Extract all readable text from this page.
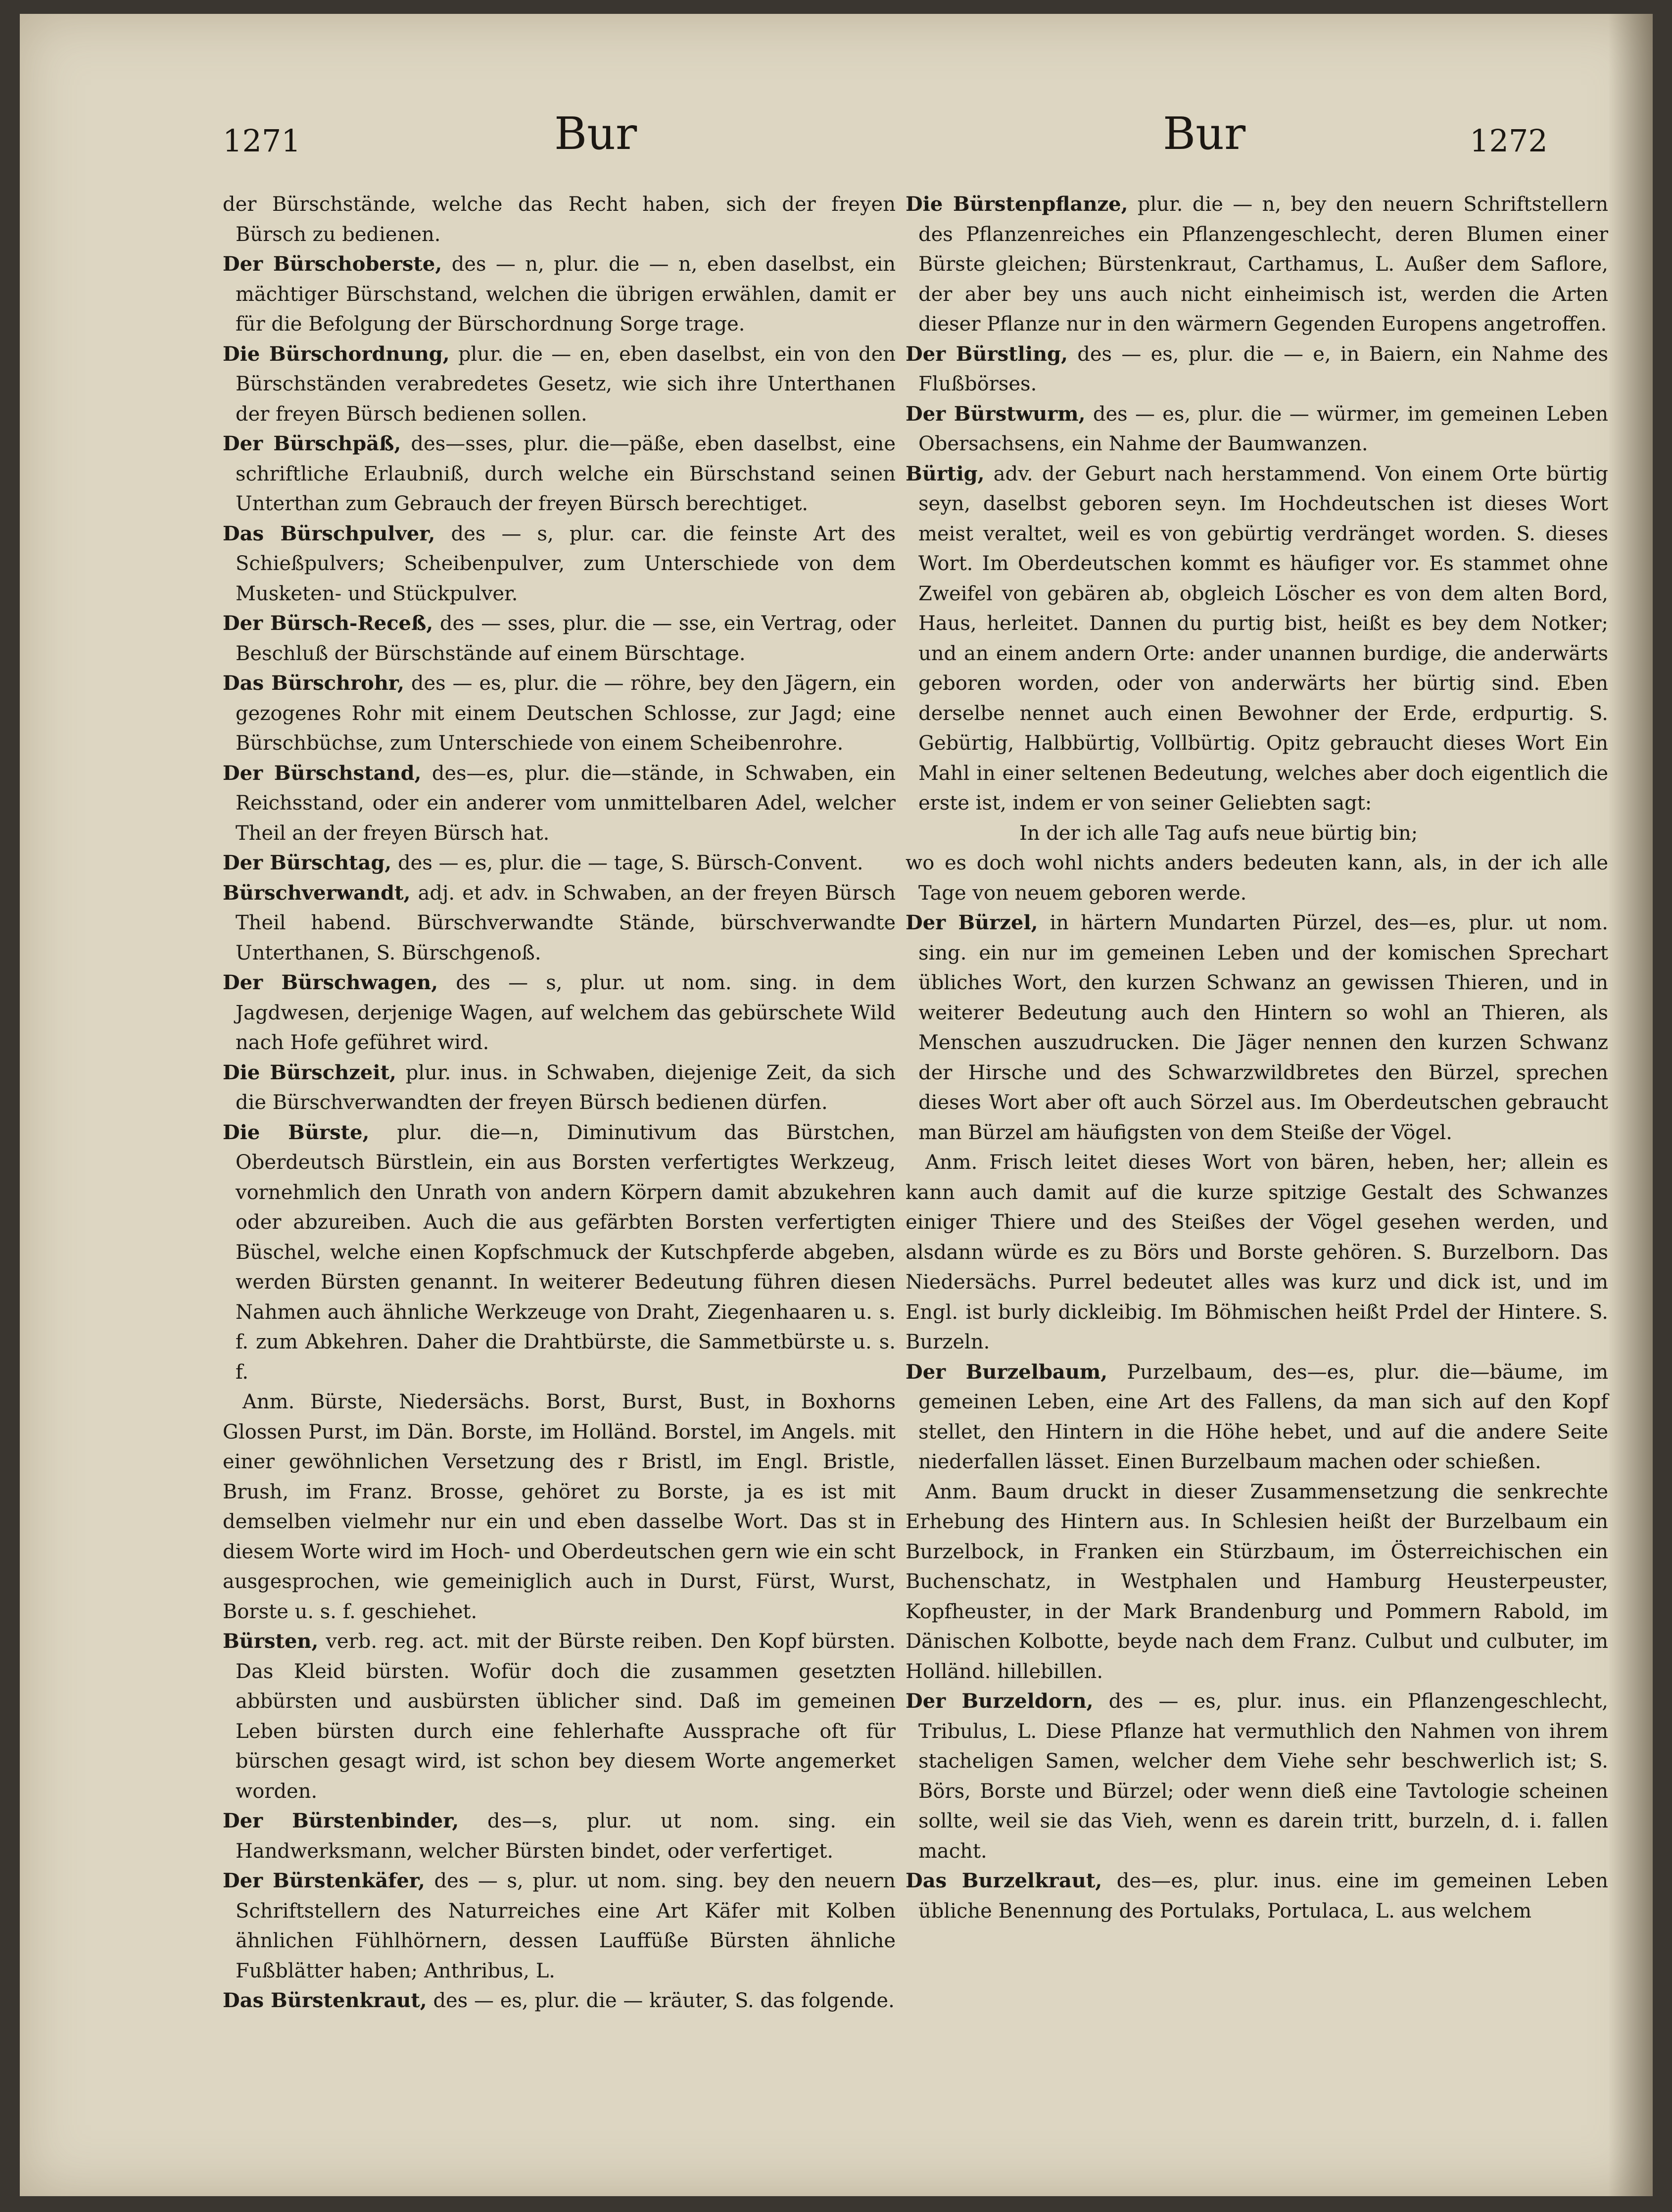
1271	Bur	Bur	1272

der Bürschstände, welche das Recht haben, sich der freyen Bürsch zu bedienen.

Der Bürschoberste, des — n, plur. die — n, eben daselbst, ein mächtiger Bürschstand, welchen die übrigen erwählen, damit er für die Befolgung der Bürschordnung Sorge trage.

Die Bürschordnung, plur. die — en, eben daselbst, ein von den Bürschständen verabredetes Gesetz, wie sich ihre Unterthanen der freyen Bürsch bedienen sollen.

Der Bürschpäß, des—sses, plur. die—päße, eben daselbst, eine schriftliche Erlaubniß, durch welche ein Bürschstand seinen Unterthan zum Gebrauch der freyen Bürsch berechtiget.

Das Bürschpulver, des — s, plur. car. die feinste Art des Schießpulvers; Scheibenpulver, zum Unterschiede von dem Musketen- und Stückpulver.

Der Bürsch-Receß, des — sses, plur. die — sse, ein Vertrag, oder Beschluß der Bürschstände auf einem Bürschtage.

Das Bürschrohr, des — es, plur. die — röhre, bey den Jägern, ein gezogenes Rohr mit einem Deutschen Schlosse, zur Jagd; eine Bürschbüchse, zum Unterschiede von einem Scheibenrohre.

Der Bürschstand, des—es, plur. die—stände, in Schwaben, ein Reichsstand, oder ein anderer vom unmittelbaren Adel, welcher Theil an der freyen Bürsch hat.

Der Bürschtag, des — es, plur. die — tage, S. Bürsch-Convent.

Bürschverwandt, adj. et adv. in Schwaben, an der freyen Bürsch Theil habend. Bürschverwandte Stände, bürschverwandte Unterthanen, S. Bürschgenoß.

Der Bürschwagen, des — s, plur. ut nom. sing. in dem Jagdwesen, derjenige Wagen, auf welchem das gebürschete Wild nach Hofe geführet wird.

Die Bürschzeit, plur. inus. in Schwaben, diejenige Zeit, da sich die Bürschverwandten der freyen Bürsch bedienen dürfen.

Die Bürste, plur. die—n, Diminutivum das Bürstchen, Oberdeutsch Bürstlein, ein aus Borsten verfertigtes Werkzeug, vornehmlich den Unrath von andern Körpern damit abzukehren oder abzureiben. Auch die aus gefärbten Borsten verfertigten Büschel, welche einen Kopfschmuck der Kutschpferde abgeben, werden Bürsten genannt. In weiterer Bedeutung führen diesen Nahmen auch ähnliche Werkzeuge von Draht, Ziegenhaaren u. s. f. zum Abkehren. Daher die Drahtbürste, die Sammetbürste u. s. f.

Anm. Bürste, Niedersächs. Borst, Burst, Bust, in Boxhorns Glossen Purst, im Dän. Borste, im Holländ. Borstel, im Angels. mit einer gewöhnlichen Versetzung des r Bristl, im Engl. Bristle, Brush, im Franz. Brosse, gehöret zu Borste, ja es ist mit demselben vielmehr nur ein und eben dasselbe Wort. Das st in diesem Worte wird im Hoch- und Oberdeutschen gern wie ein scht ausgesprochen, wie gemeiniglich auch in Durst, Fürst, Wurst, Borste u. s. f. geschiehet.

Bürsten, verb. reg. act. mit der Bürste reiben. Den Kopf bürsten. Das Kleid bürsten. Wofür doch die zusammen gesetzten abbürsten und ausbürsten üblicher sind. Daß im gemeinen Leben bürsten durch eine fehlerhafte Aussprache oft für bürschen gesagt wird, ist schon bey diesem Worte angemerket worden.

Der Bürstenbinder, des—s, plur. ut nom. sing. ein Handwerksmann, welcher Bürsten bindet, oder verfertiget.

Der Bürstenkäfer, des — s, plur. ut nom. sing. bey den neuern Schriftstellern des Naturreiches eine Art Käfer mit Kolben ähnlichen Fühlhörnern, dessen Lauffüße Bürsten ähnliche Fußblätter haben; Anthribus, L.

Das Bürstenkraut, des — es, plur. die — kräuter, S. das folgende.

Die Bürstenpflanze, plur. die — n, bey den neuern Schriftstellern des Pflanzenreiches ein Pflanzengeschlecht, deren Blumen einer Bürste gleichen; Bürstenkraut, Carthamus, L. Außer dem Saflore, der aber bey uns auch nicht einheimisch ist, werden die Arten dieser Pflanze nur in den wärmern Gegenden Europens angetroffen.

Der Bürstling, des — es, plur. die — e, in Baiern, ein Nahme des Flußbörses.

Der Bürstwurm, des — es, plur. die — würmer, im gemeinen Leben Obersachsens, ein Nahme der Baumwanzen.

Bürtig, adv. der Geburt nach herstammend. Von einem Orte bürtig seyn, daselbst geboren seyn. Im Hochdeutschen ist dieses Wort meist veraltet, weil es von gebürtig verdränget worden. S. dieses Wort. Im Oberdeutschen kommt es häufiger vor. Es stammet ohne Zweifel von gebären ab, obgleich Löscher es von dem alten Bord, Haus, herleitet. Dannen du purtig bist, heißt es bey dem Notker; und an einem andern Orte: ander unannen burdige, die anderwärts geboren worden, oder von anderwärts her bürtig sind. Eben derselbe nennet auch einen Bewohner der Erde, erdpurtig. S. Gebürtig, Halbbürtig, Vollbürtig. Opitz gebraucht dieses Wort Ein Mahl in einer seltenen Bedeutung, welches aber doch eigentlich die erste ist, indem er von seiner Geliebten sagt:

In der ich alle Tag aufs neue bürtig bin;

wo es doch wohl nichts anders bedeuten kann, als, in der ich alle Tage von neuem geboren werde.

Der Bürzel, in härtern Mundarten Pürzel, des—es, plur. ut nom. sing. ein nur im gemeinen Leben und der komischen Sprechart übliches Wort, den kurzen Schwanz an gewissen Thieren, und in weiterer Bedeutung auch den Hintern so wohl an Thieren, als Menschen auszudrucken. Die Jäger nennen den kurzen Schwanz der Hirsche und des Schwarzwildbretes den Bürzel, sprechen dieses Wort aber oft auch Sörzel aus. Im Oberdeutschen gebraucht man Bürzel am häufigsten von dem Steiße der Vögel.

Anm. Frisch leitet dieses Wort von bären, heben, her; allein es kann auch damit auf die kurze spitzige Gestalt des Schwanzes einiger Thiere und des Steißes der Vögel gesehen werden, und alsdann würde es zu Börs und Borste gehören. S. Burzelborn. Das Niedersächs. Purrel bedeutet alles was kurz und dick ist, und im Engl. ist burly dickleibig. Im Böhmischen heißt Prdel der Hintere. S. Burzeln.

Der Burzelbaum, Purzelbaum, des—es, plur. die—bäume, im gemeinen Leben, eine Art des Fallens, da man sich auf den Kopf stellet, den Hintern in die Höhe hebet, und auf die andere Seite niederfallen lässet. Einen Burzelbaum machen oder schießen.

Anm. Baum druckt in dieser Zusammensetzung die senkrechte Erhebung des Hintern aus. In Schlesien heißt der Burzelbaum ein Burzelbock, in Franken ein Stürzbaum, im Österreichischen ein Buchenschatz, in Westphalen und Hamburg Heusterpeuster, Kopfheuster, in der Mark Brandenburg und Pommern Rabold, im Dänischen Kolbotte, beyde nach dem Franz. Culbut und culbuter, im Holländ. hillebillen.

Der Burzeldorn, des — es, plur. inus. ein Pflanzengeschlecht, Tribulus, L. Diese Pflanze hat vermuthlich den Nahmen von ihrem stacheligen Samen, welcher dem Viehe sehr beschwerlich ist; S. Börs, Borste und Bürzel; oder wenn dieß eine Tavtologie scheinen sollte, weil sie das Vieh, wenn es darein tritt, burzeln, d. i. fallen macht.

Das Burzelkraut, des—es, plur. inus. eine im gemeinen Leben übliche Benennung des Portulaks, Portulaca, L. aus welchem
